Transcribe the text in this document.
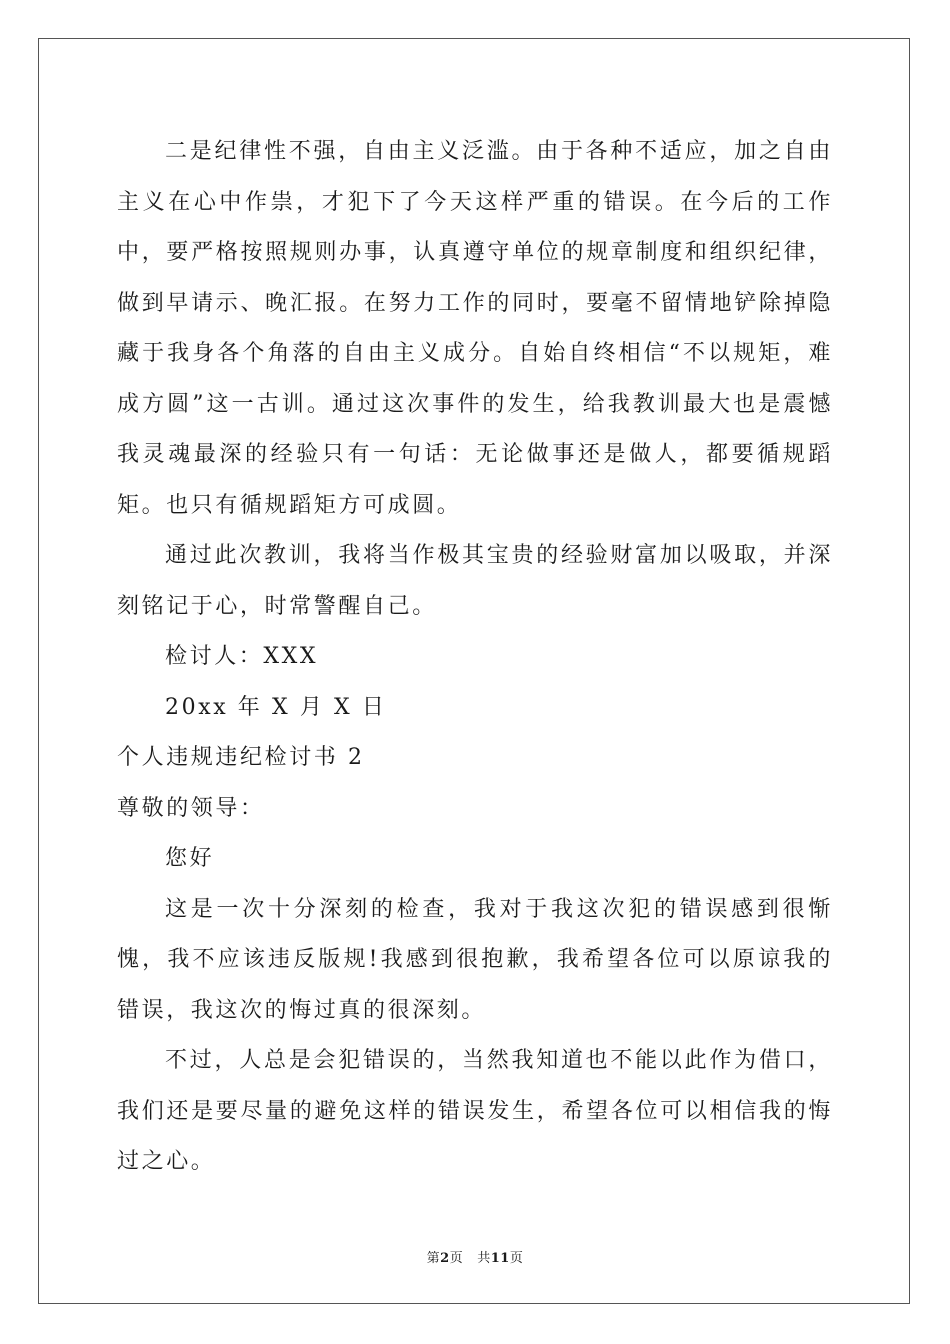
二是纪律性不强，自由主义泛滥。由于各种不适应，加之自由主义在心中作祟，才犯下了今天这样严重的错误。在今后的工作中，要严格按照规则办事，认真遵守单位的规章制度和组织纪律，做到早请示、晚汇报。在努力工作的同时，要毫不留情地铲除掉隐藏于我身各个角落的自由主义成分。自始自终相信“不以规矩，难成方圆”这一古训。通过这次事件的发生，给我教训最大也是震憾我灵魂最深的经验只有一句话：无论做事还是做人，都要循规蹈矩。也只有循规蹈矩方可成圆。

通过此次教训，我将当作极其宝贵的经验财富加以吸取，并深刻铭记于心，时常警醒自己。

检讨人：XXX

20xx 年 X 月 X 日

个人违规违纪检讨书 2

尊敬的领导：

您好

这是一次十分深刻的检查，我对于我这次犯的错误感到很惭愧，我不应该违反版规!我感到很抱歉，我希望各位可以原谅我的错误，我这次的悔过真的很深刻。

不过，人总是会犯错误的，当然我知道也不能以此作为借口，我们还是要尽量的避免这样的错误发生，希望各位可以相信我的悔过之心。

第2页 共11页
